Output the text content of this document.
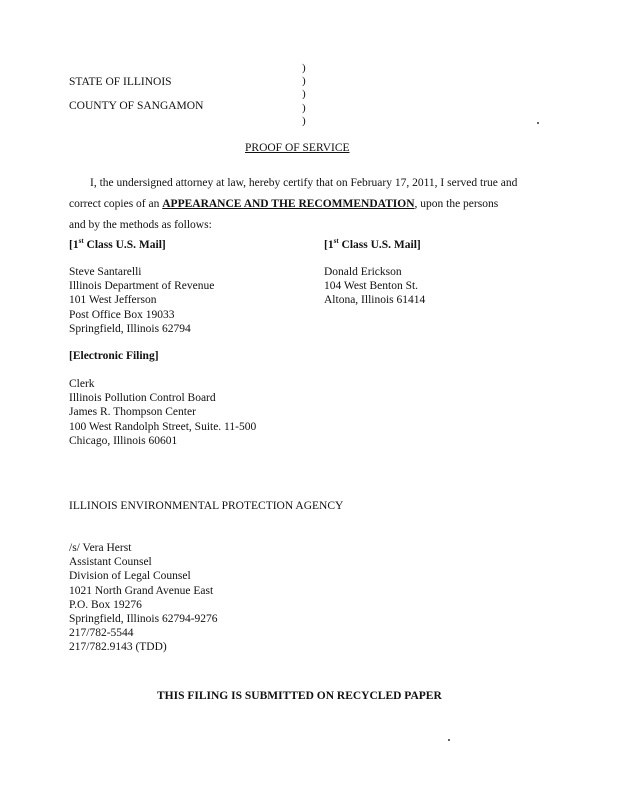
STATE OF ILLINOIS
COUNTY OF SANGAMON
)
)
)
)
)
PROOF OF SERVICE
I, the undersigned attorney at law, hereby certify that on February 17, 2011, I served true and
correct copies of an APPEARANCE AND THE RECOMMENDATION, upon the persons
and by the methods as follows:
[1st Class U.S. Mail]	[1st Class U.S. Mail]
Steve Santarelli
Illinois Department of Revenue
101 West Jefferson
Post Office Box 19033
Springfield, Illinois 62794
Donald Erickson
104 West Benton St.
Altona, Illinois 61414
[Electronic Filing]
Clerk
Illinois Pollution Control Board
James R. Thompson Center
100 West Randolph Street, Suite. 11-500
Chicago, Illinois 60601
ILLINOIS ENVIRONMENTAL PROTECTION AGENCY
/s/ Vera Herst
Assistant Counsel
Division of Legal Counsel
1021 North Grand Avenue East
P.O. Box 19276
Springfield, Illinois 62794-9276
217/782-5544
217/782.9143 (TDD)
THIS FILING IS SUBMITTED ON RECYCLED PAPER
